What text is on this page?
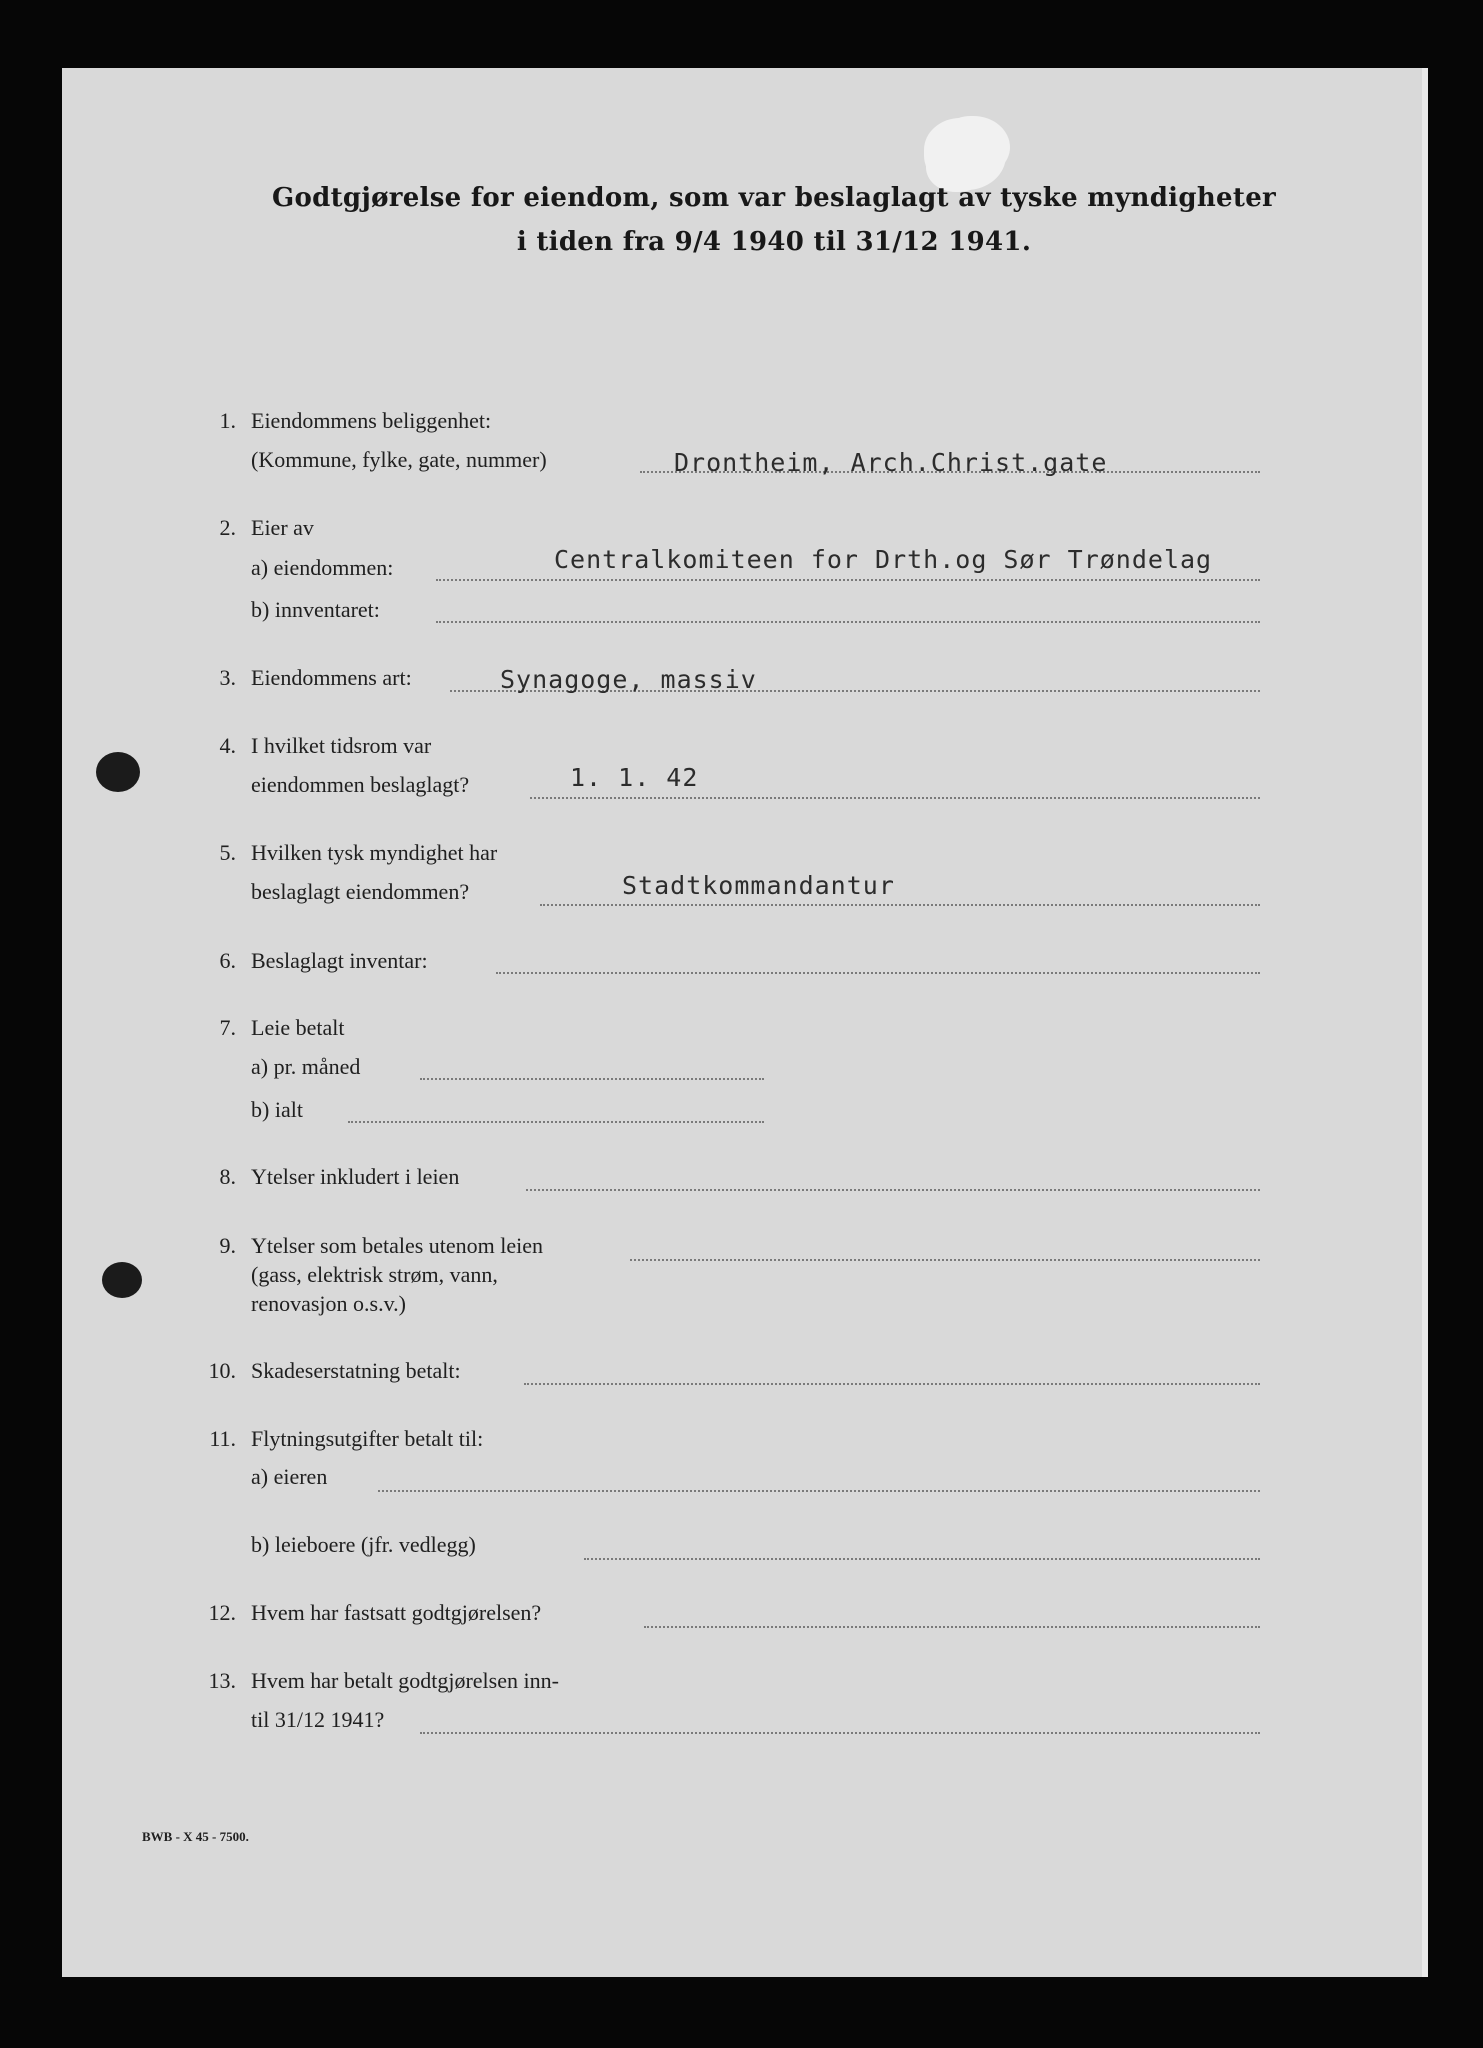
Godtgjørelse for eiendom, som var beslaglagt av tyske myndigheter
i tiden fra 9/4 1940 til 31/12 1941.
1. Eiendommens beliggenhet:
(Kommune, fylke, gate, nummer)	Drontheim, Arch.Christ.gate
2. Eier av
a) eiendommen:	Centralkomiteen for Drth.og Sør Trøndelag
b) innventaret:
3. Eiendommens art:	Synagoge, massiv
4. I hvilket tidsrom var
eiendommen beslaglagt?	1. 1. 42
5. Hvilken tysk myndighet har
beslaglagt eiendommen?	Stadtkommandantur
6. Beslaglagt inventar:
7. Leie betalt
a) pr. måned
b) ialt
8. Ytelser inkludert i leien
9. Ytelser som betales utenom leien
(gass, elektrisk strøm, vann,
renovasjon o.s.v.)
10. Skadeserstatning betalt:
11. Flytningsutgifter betalt til:
a) eieren
b) leieboere (jfr. vedlegg)
12. Hvem har fastsatt godtgjørelsen?
13. Hvem har betalt godtgjørelsen inn-
til 31/12 1941?
BWB - X 45 - 7500.
